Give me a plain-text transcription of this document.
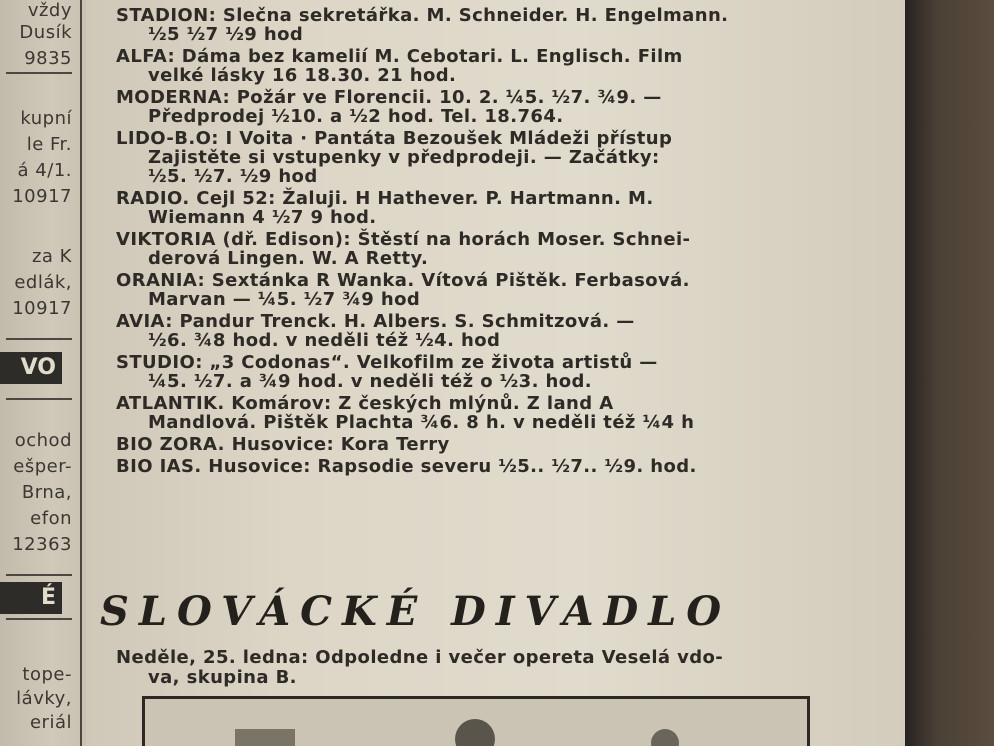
vždy
Dusík
9835
kupní
le Fr.
á 4/1.
10917
za K
edlák,
10917
ochod
ešper-
Brna,
efon
12363
tope-
lávky,
eriál
VO
É
STADION: Slečna sekretářka. M. Schneider. H. Engelmann.
½5 ½7 ½9 hod
ALFA: Dáma bez kamelií M. Cebotari. L. Englisch. Film
velké lásky 16 18.30. 21 hod.
MODERNA: Požár ve Florencii. 10. 2. ¼5. ½7. ¾9. —
Předprodej ½10. a ½2 hod. Tel. 18.764.
LIDO-B.O: I Voita · Pantáta Bezoušek Mládeži přístup
Zajistěte si vstupenky v předprodeji. — Začátky:
½5. ½7. ½9 hod
RADIO. Cejl 52: Žaluji. H Hathever. P. Hartmann. M.
Wiemann 4 ½7 9 hod.
VIKTORIA (dř. Edison): Štěstí na horách Moser. Schnei-
derová Lingen. W. A Retty.
ORANIA: Sextánka R Wanka. Vítová Pištěk. Ferbasová.
Marvan — ¼5. ½7 ¾9 hod
AVIA: Pandur Trenck. H. Albers. S. Schmitzová. —
½6. ¾8 hod. v neděli též ½4. hod
STUDIO: „3 Codonas“. Velkofilm ze života artistů —
¼5. ½7. a ¾9 hod. v neděli též o ½3. hod.
ATLANTIK. Komárov: Z českých mlýnů. Z land A
Mandlová. Pištěk Plachta ¾6. 8 h. v neděli též ¼4 h
BIO ZORA. Husovice: Kora Terry
BIO IAS. Husovice: Rapsodie severu ½5.. ½7.. ½9. hod.
SLOVÁCKÉ DIVADLO
Neděle, 25. ledna: Odpoledne i večer opereta Veselá vdo-
va, skupina B.
